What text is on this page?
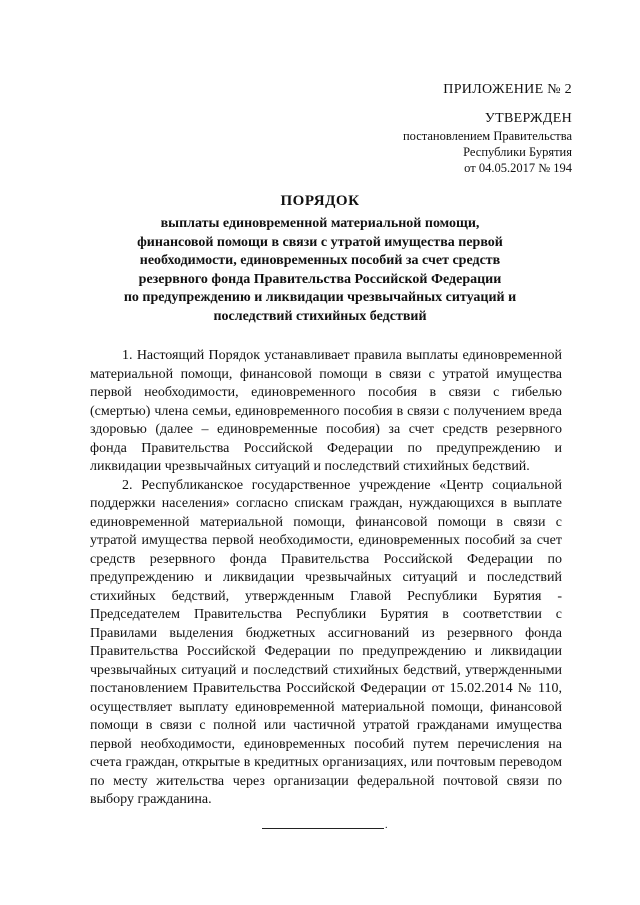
ПРИЛОЖЕНИЕ № 2
УТВЕРЖДЕН
постановлением Правительства
Республики Бурятия
от 04.05.2017 № 194
ПОРЯДОК
выплаты единовременной материальной помощи,
финансовой помощи в связи с утратой имущества первой
необходимости, единовременных пособий за счет средств
резервного фонда Правительства Российской Федерации
по предупреждению и ликвидации чрезвычайных ситуаций и
последствий стихийных бедствий

1. Настоящий Порядок устанавливает правила выплаты единовременной материальной помощи, финансовой помощи в связи с утратой имущества первой необходимости, единовременного пособия в связи с гибелью (смертью) члена семьи, единовременного пособия в связи с получением вреда здоровью (далее – единовременные пособия) за счет средств резервного фонда Правительства Российской Федерации по предупреждению и ликвидации чрезвычайных ситуаций и последствий стихийных бедствий.

2. Республиканское государственное учреждение «Центр социальной поддержки населения» согласно спискам граждан, нуждающихся в выплате единовременной материальной помощи, финансовой помощи в связи с утратой имущества первой необходимости, единовременных пособий за счет средств резервного фонда Правительства Российской Федерации по предупреждению и ликвидации чрезвычайных ситуаций и последствий стихийных бедствий, утвержденным Главой Республики Бурятия - Председателем Правительства Республики Бурятия в соответствии с Правилами выделения бюджетных ассигнований из резервного фонда Правительства Российской Федерации по предупреждению и ликвидации чрезвычайных ситуаций и последствий стихийных бедствий, утвержденными постановлением Правительства Российской Федерации от 15.02.2014 № 110, осуществляет выплату единовременной материальной помощи, финансовой помощи в связи с полной или частичной утратой гражданами имущества первой необходимости, единовременных пособий путем перечисления на счета граждан, открытые в кредитных организациях, или почтовым переводом по месту жительства через организации федеральной почтовой связи по выбору гражданина.

.
